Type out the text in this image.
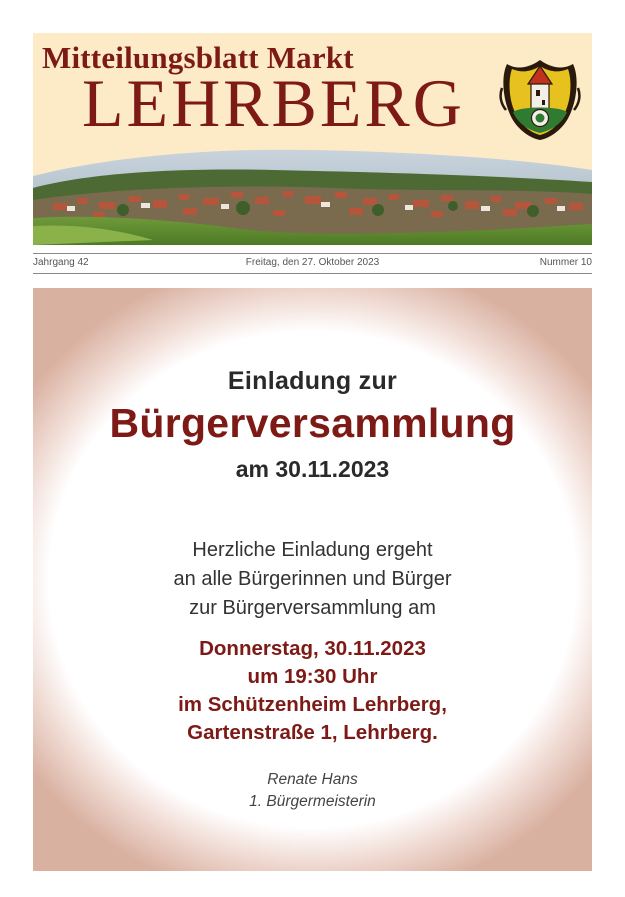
Mitteilungsblatt Markt
LEHRBERG
Jahrgang 42	Freitag, den 27. Oktober 2023	Nummer 10
Einladung zur
Bürgerversammlung
am 30.11.2023
Herzliche Einladung ergeht
an alle Bürgerinnen und Bürger
zur Bürgerversammlung am
Donnerstag, 30.11.2023
um 19:30 Uhr
im Schützenheim Lehrberg,
Gartenstraße 1, Lehrberg.
Renate Hans
1. Bürgermeisterin
